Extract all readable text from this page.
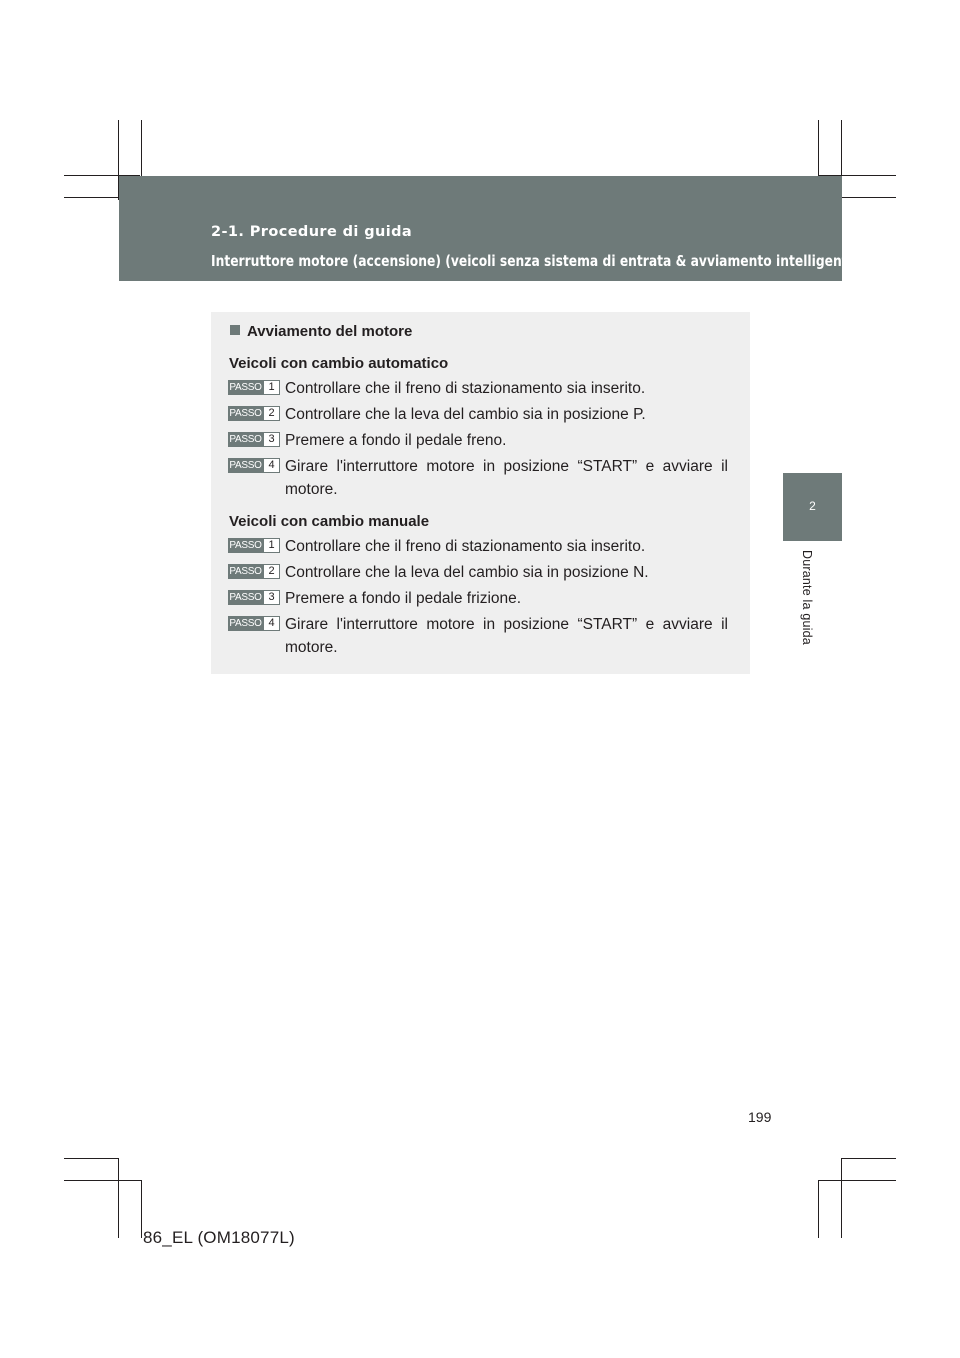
2-1. Procedure di guida
Interruttore motore (accensione) (veicoli senza sistema di entrata & avviamento intelligente)
2
Durante la guida
Avviamento del motore
Veicoli con cambio automatico
PASSO 1 Controllare che il freno di stazionamento sia inserito.
PASSO 2 Controllare che la leva del cambio sia in posizione P.
PASSO 3 Premere a fondo il pedale freno.
PASSO 4 Girare l'interruttore motore in posizione “START” e avviare il motore.
Veicoli con cambio manuale
PASSO 1 Controllare che il freno di stazionamento sia inserito.
PASSO 2 Controllare che la leva del cambio sia in posizione N.
PASSO 3 Premere a fondo il pedale frizione.
PASSO 4 Girare l'interruttore motore in posizione “START” e avviare il motore.
199
86_EL (OM18077L)
